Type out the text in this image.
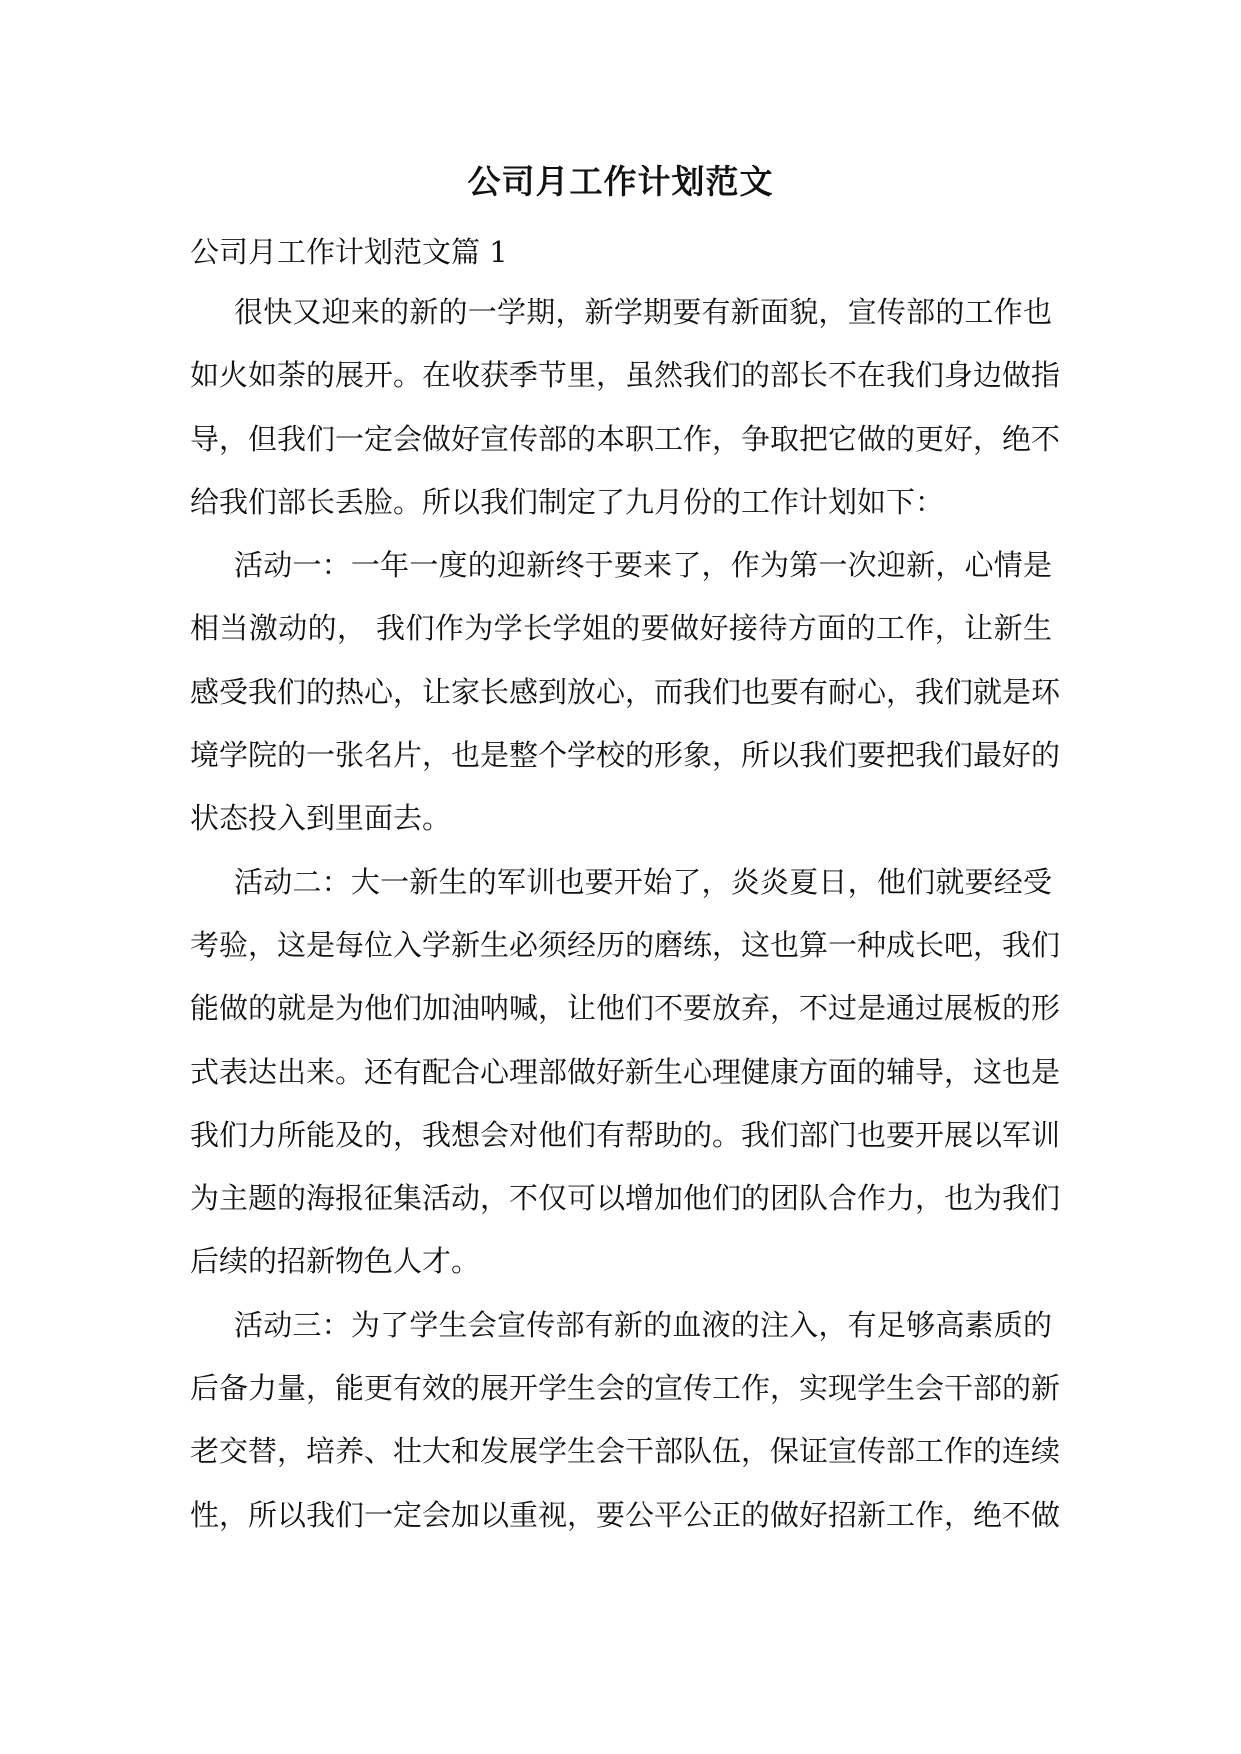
公司月工作计划范文
公司月工作计划范文篇 1
很快又迎来的新的一学期，新学期要有新面貌，宣传部的工作也
如火如荼的展开。在收获季节里，虽然我们的部长不在我们身边做指
导，但我们一定会做好宣传部的本职工作，争取把它做的更好，绝不
给我们部长丢脸。所以我们制定了九月份的工作计划如下：
活动一：一年一度的迎新终于要来了，作为第一次迎新，心情是
相当激动的， 我们作为学长学姐的要做好接待方面的工作，让新生
感受我们的热心，让家长感到放心，而我们也要有耐心，我们就是环
境学院的一张名片，也是整个学校的形象，所以我们要把我们最好的
状态投入到里面去。
活动二：大一新生的军训也要开始了，炎炎夏日，他们就要经受
考验，这是每位入学新生必须经历的磨练，这也算一种成长吧，我们
能做的就是为他们加油呐喊，让他们不要放弃，不过是通过展板的形
式表达出来。还有配合心理部做好新生心理健康方面的辅导，这也是
我们力所能及的，我想会对他们有帮助的。我们部门也要开展以军训
为主题的海报征集活动，不仅可以增加他们的团队合作力，也为我们
后续的招新物色人才。
活动三：为了学生会宣传部有新的血液的注入，有足够高素质的
后备力量，能更有效的展开学生会的宣传工作，实现学生会干部的新
老交替，培养、壮大和发展学生会干部队伍，保证宣传部工作的连续
性，所以我们一定会加以重视，要公平公正的做好招新工作，绝不做
